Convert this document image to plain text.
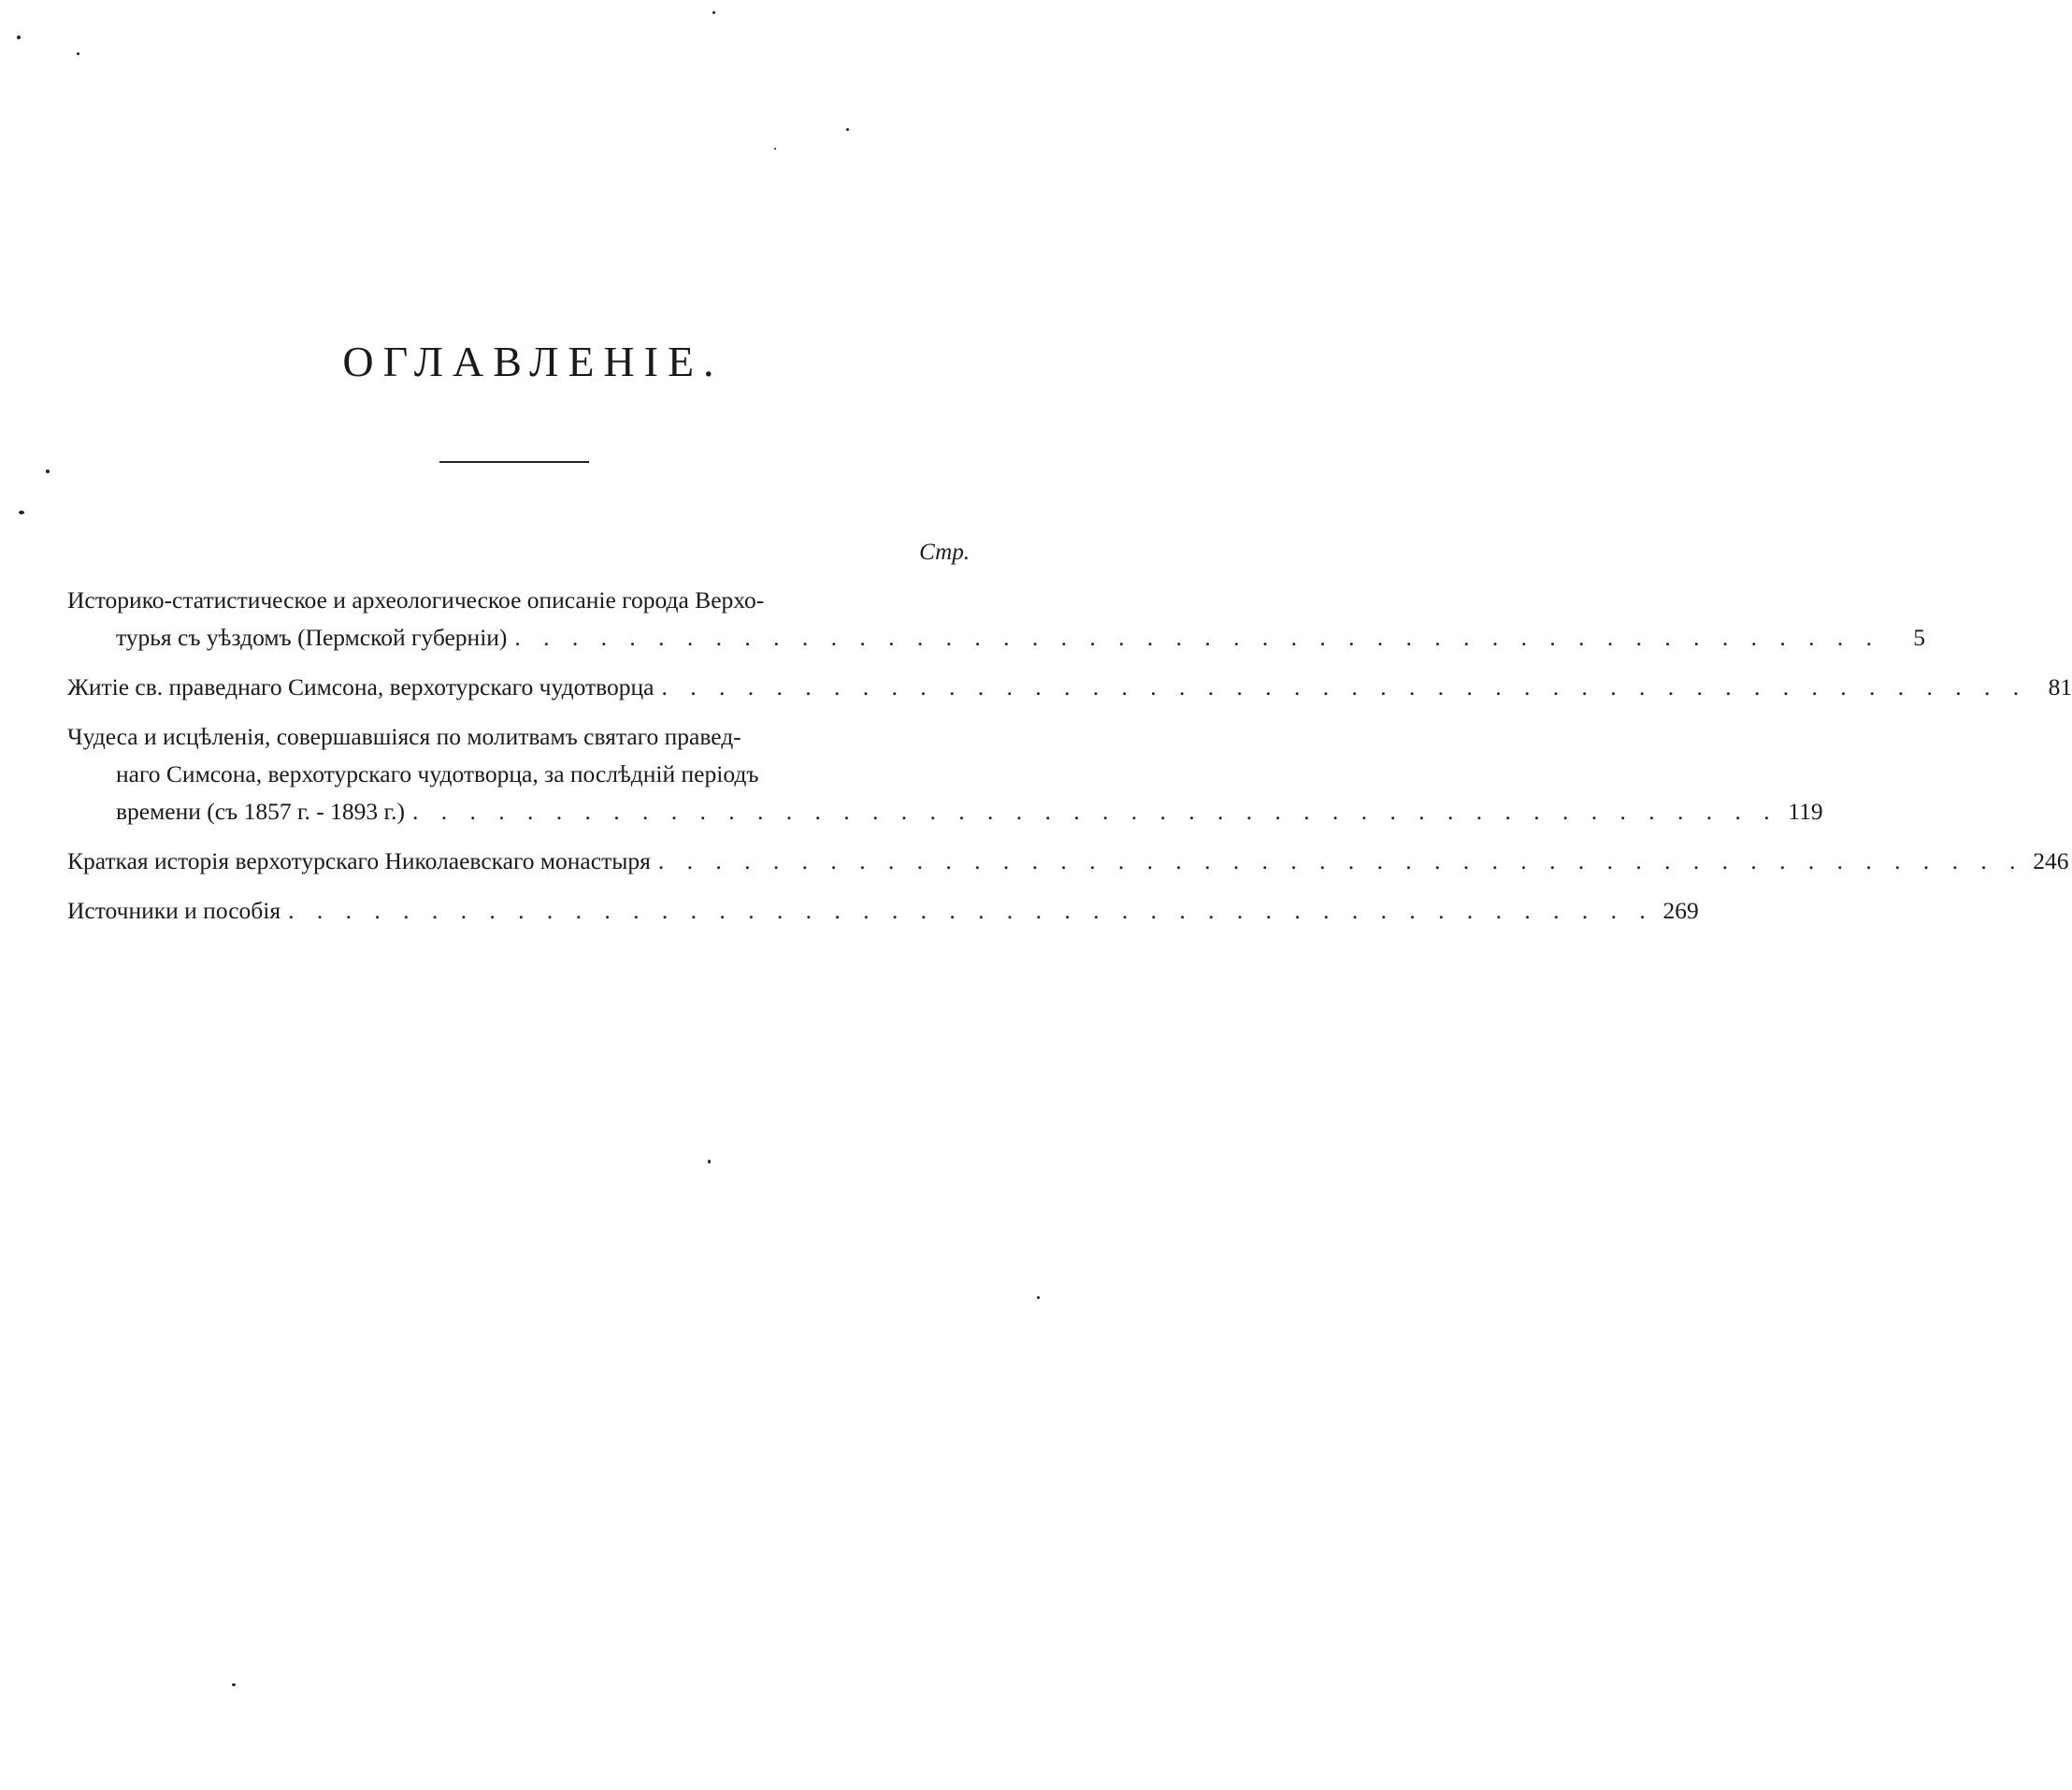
ОГЛАВЛЕНІЕ.
Стр.
Историко-статистическое и археологическое описаніе города Верхо-
турья съ уѣздомъ (Пермской губерніи) . . . . . . . . . . . . . . . . . . . . . . . . . . . . . . . . . . . . . . . . . . . . . . . .	5
Житіе св. праведнаго Симсона, верхотурскаго чудотворца . . . . . . . . . . . . . . . . . . . . . . . . . . . . . . . . . . . . . . . . . . . . . . . . 81
Чудеса и исцѣленія, совершавшіяся по молитвамъ святаго правед-
наго Симсона, верхотурскаго чудотворца, за послѣдній періодъ
времени (съ 1857 г. - 1893 г.) . . . . . . . . . . . . . . . . . . . . . . . . . . . . . . . . . . . . . . . . . . . . . . . . 119
Краткая исторія верхотурскаго Николаевскаго монастыря . . . . . . . . . . . . . . . . . . . . . . . . . . . . . . . . . . . . . . . . . . . . . . . . 246
Источники и пособія . . . . . . . . . . . . . . . . . . . . . . . . . . . . . . . . . . . . . . . . . . . . . . . . 269
